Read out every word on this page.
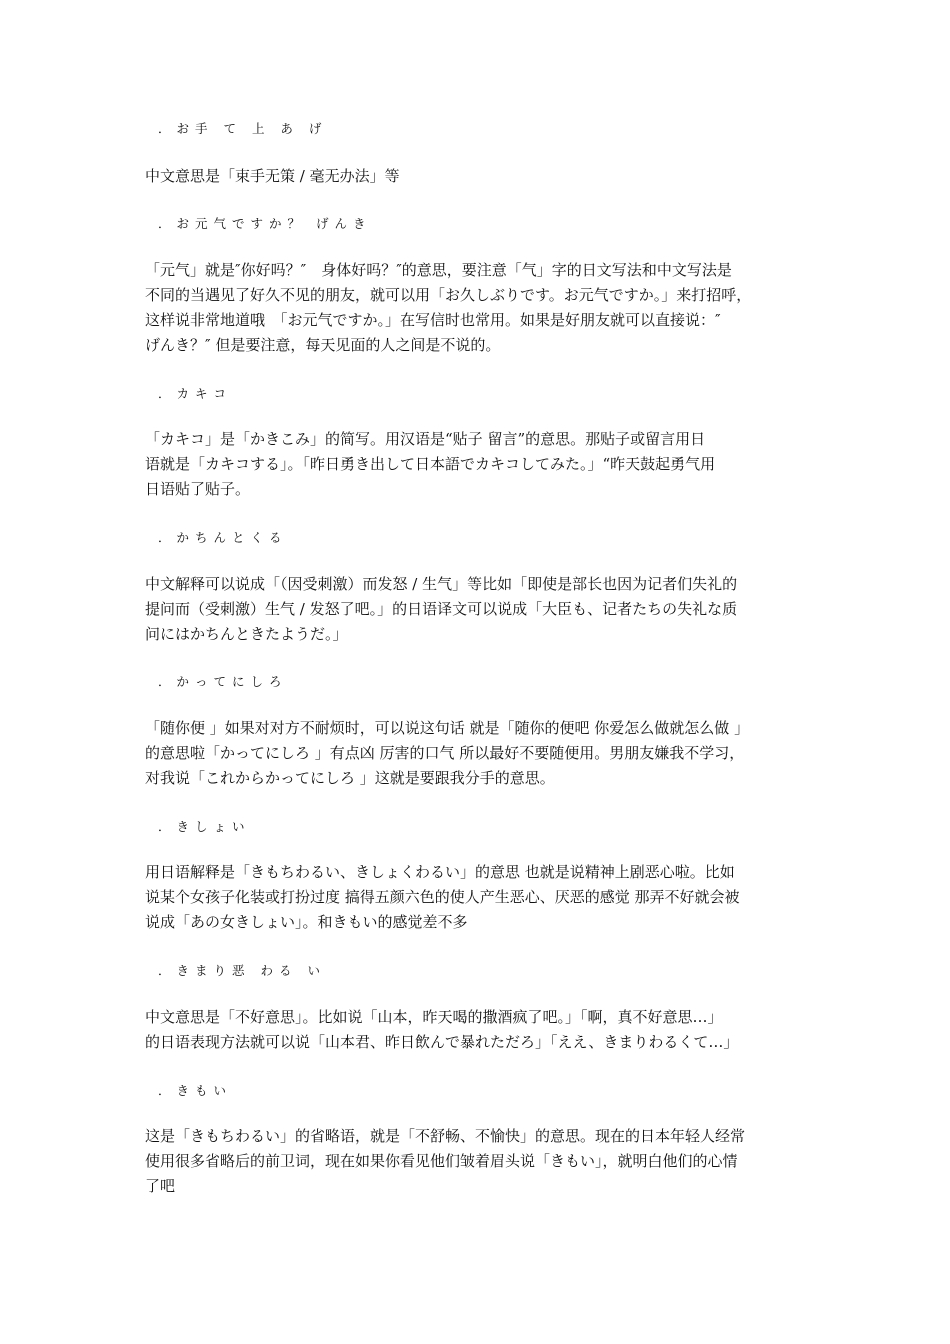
．お手 て 上 あ げ
中文意思是「束手无策 / 毫无办法」等
．お元气ですか？ げんき
「元气」就是″你好吗？″　身体好吗？″的意思，要注意「气」字的日文写法和中文写法是
不同的当遇见了好久不见的朋友，就可以用「お久しぶりです。お元气ですか。」来打招呼，
这样说非常地道哦　「お元气ですか。」在写信时也常用。如果是好朋友就可以直接说：″
げんき？″ 但是要注意，每天见面的人之间是不说的。
．カキコ
「カキコ」是「かきこみ」的简写。用汉语是“贴子 留言”的意思。那贴子或留言用日
语就是「カキコする」。「昨日勇き出して日本語でカキコしてみた。」“昨天鼓起勇气用
日语贴了贴子。
．かちんとくる
中文解释可以说成「（因受刺激）而发怒 / 生气」等比如「即使是部长也因为记者们失礼的
提问而（受刺激）生气 / 发怒了吧。」的日语译文可以说成「大臣も、记者たちの失礼な质
问にはかちんときたようだ。」
．かってにしろ
「随你便 」如果对对方不耐烦时，可以说这句话 就是「随你的便吧 你爱怎么做就怎么做 」
的意思啦「かってにしろ 」有点凶 厉害的口气 所以最好不要随便用。男朋友嫌我不学习，
对我说「これからかってにしろ 」这就是要跟我分手的意思。
．きしょい
用日语解释是「きもちわるい、きしょくわるい」的意思 也就是说精神上剧恶心啦。比如
说某个女孩子化装或打扮过度 搞得五颜六色的使人产生恶心、厌恶的感觉 那弄不好就会被
说成「あの女きしょい」。和きもい的感觉差不多
．きまり恶 わる い
中文意思是「不好意思」。比如说「山本，昨天喝的撒酒疯了吧。」「啊，真不好意思…」
的日语表现方法就可以说「山本君、昨日飲んで暴れただろ」「ええ、きまりわるくて…」
．きもい
这是「きもちわるい」的省略语，就是「不舒畅、不愉快」的意思。现在的日本年轻人经常
使用很多省略后的前卫词，现在如果你看见他们皱着眉头说「きもい」，就明白他们的心情
了吧
